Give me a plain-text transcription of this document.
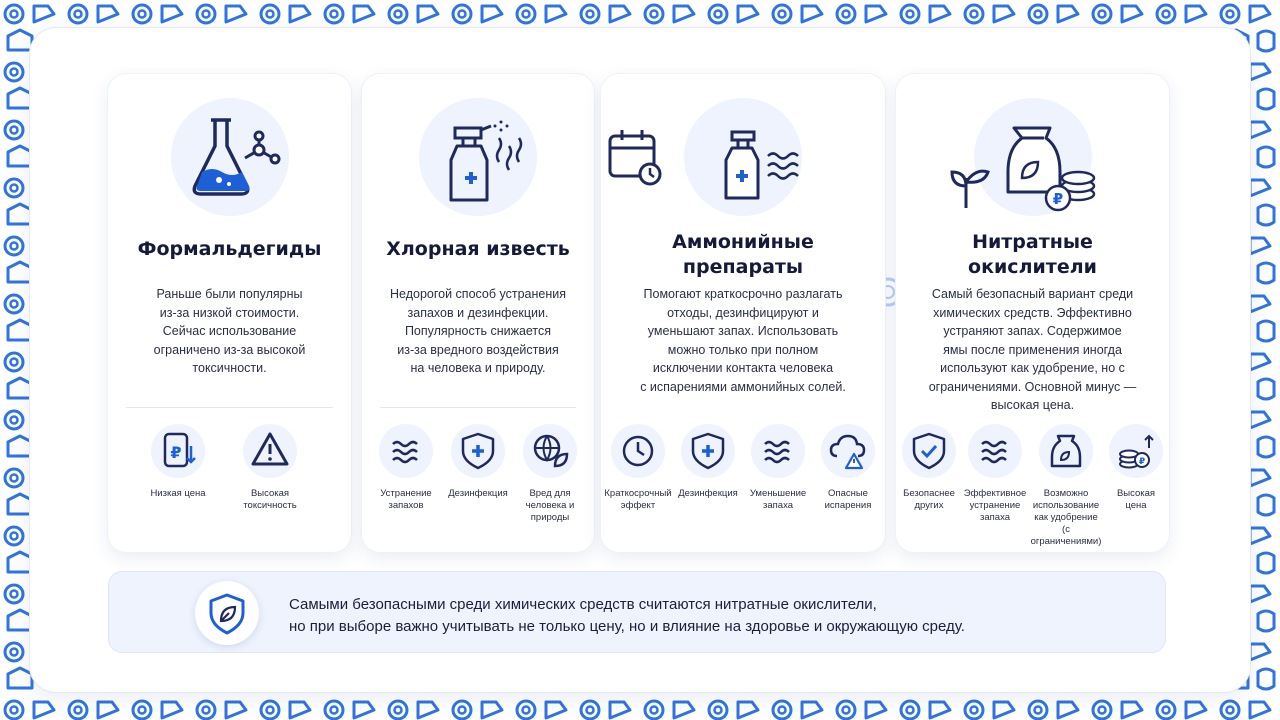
Формальдегиды
Раньше были популярны
из-за низкой стоимости.
Сейчас использование
ограничено из-за высокой
токсичности.
₽
Низкая цена	Высокая
токсичность
Хлорная известь
Недорогой способ устранения
запахов и дезинфекции.
Популярность снижается
из-за вредного воздействия
на человека и природу.
Устранение
запахов
Дезинфекция	Вред для
человека и
природы
Аммонийные
препараты
Помогают краткосрочно разлагать
отходы, дезинфицируют и
уменьшают запах. Использовать
можно только при полном
исключении контакта человека
с испарениями аммонийных солей.
Краткосрочный
эффект
Дезинфекция	Уменьшение
запаха
Опасные
испарения
₽
Нитратные
окислители
Самый безопасный вариант среди
химических средств. Эффективно
устраняют запах. Содержимое
ямы после применения иногда
используют как удобрение, но с
ограничениями. Основной минус —
высокая цена.
Безопаснее
других
Эффективное
устранение
запаха
Возможно
использование
как удобрение
(с ограничениями)
₽
Высокая
цена
Самыми безопасными среди химических средств считаются нитратные окислители,
но при выборе важно учитывать не только цену, но и влияние на здоровье и окружающую среду.
